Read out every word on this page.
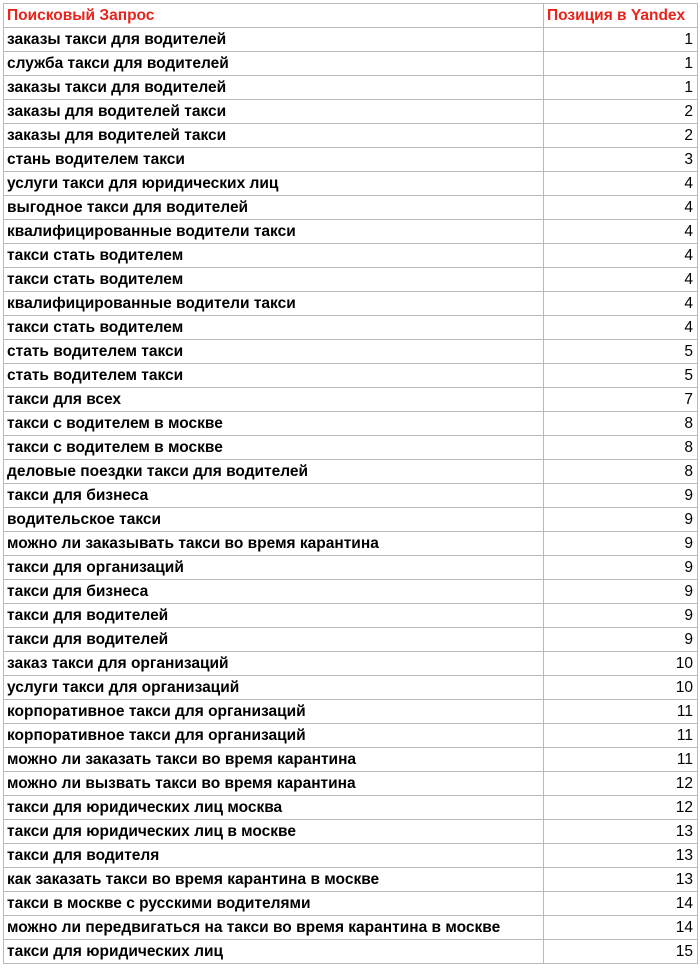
Поисковый Запрос	Позиция в Yandex
заказы такси для водителей	1
служба такси для водителей	1
заказы такси для водителей	1
заказы для водителей такси	2
заказы для водителей такси	2
стань водителем такси	3
услуги такси для юридических лиц	4
выгодное такси для водителей	4
квалифицированные водители такси	4
такси стать водителем	4
такси стать водителем	4
квалифицированные водители такси	4
такси стать водителем	4
стать водителем такси	5
стать водителем такси	5
такси для всех	7
такси с водителем в москве	8
такси с водителем в москве	8
деловые поездки такси для водителей	8
такси для бизнеса	9
водительское такси	9
можно ли заказывать такси во время карантина	9
такси для организаций	9
такси для бизнеса	9
такси для водителей	9
такси для водителей	9
заказ такси для организаций	10
услуги такси для организаций	10
корпоративное такси для организаций	11
корпоративное такси для организаций	11
можно ли заказать такси во время карантина	11
можно ли вызвать такси во время карантина	12
такси для юридических лиц москва	12
такси для юридических лиц в москве	13
такси для водителя	13
как заказать такси во время карантина в москве	13
такси в москве с русскими водителями	14
можно ли передвигаться на такси во время карантина в москве	14
такси для юридических лиц	15
